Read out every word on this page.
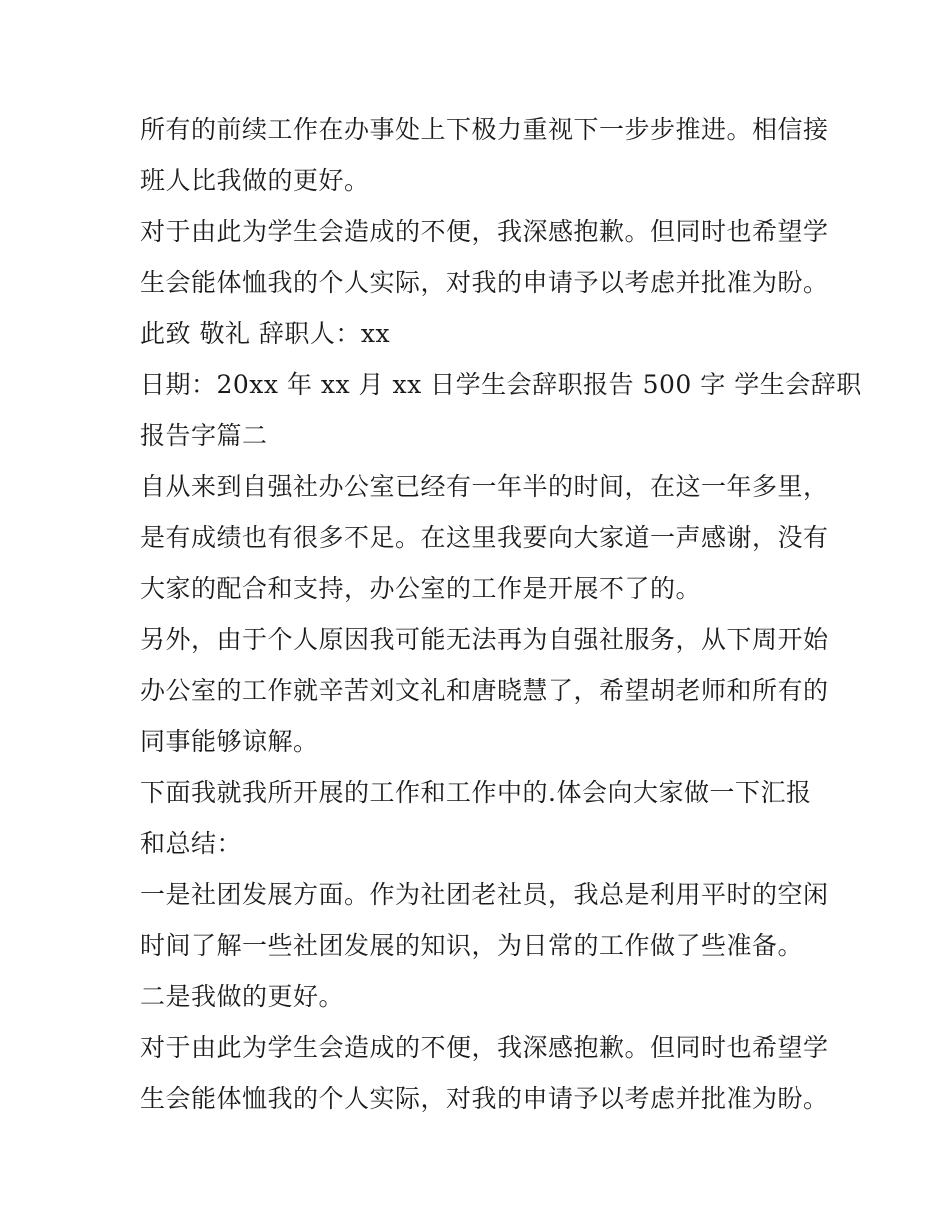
所有的前续工作在办事处上下极力重视下一步步推进。相信接
班人比我做的更好。
对于由此为学生会造成的不便，我深感抱歉。但同时也希望学
生会能体恤我的个人实际，对我的申请予以考虑并批准为盼。
此致 敬礼 辞职人：xx
日期：20xx 年 xx 月 xx 日学生会辞职报告 500 字 学生会辞职
报告字篇二
自从来到自强社办公室已经有一年半的时间，在这一年多里，
是有成绩也有很多不足。在这里我要向大家道一声感谢，没有
大家的配合和支持，办公室的工作是开展不了的。
另外，由于个人原因我可能无法再为自强社服务，从下周开始
办公室的工作就辛苦刘文礼和唐晓慧了，希望胡老师和所有的
同事能够谅解。
下面我就我所开展的工作和工作中的.体会向大家做一下汇报
和总结：
一是社团发展方面。作为社团老社员，我总是利用平时的空闲
时间了解一些社团发展的知识，为日常的工作做了些准备。
二是我做的更好。
对于由此为学生会造成的不便，我深感抱歉。但同时也希望学
生会能体恤我的个人实际，对我的申请予以考虑并批准为盼。
